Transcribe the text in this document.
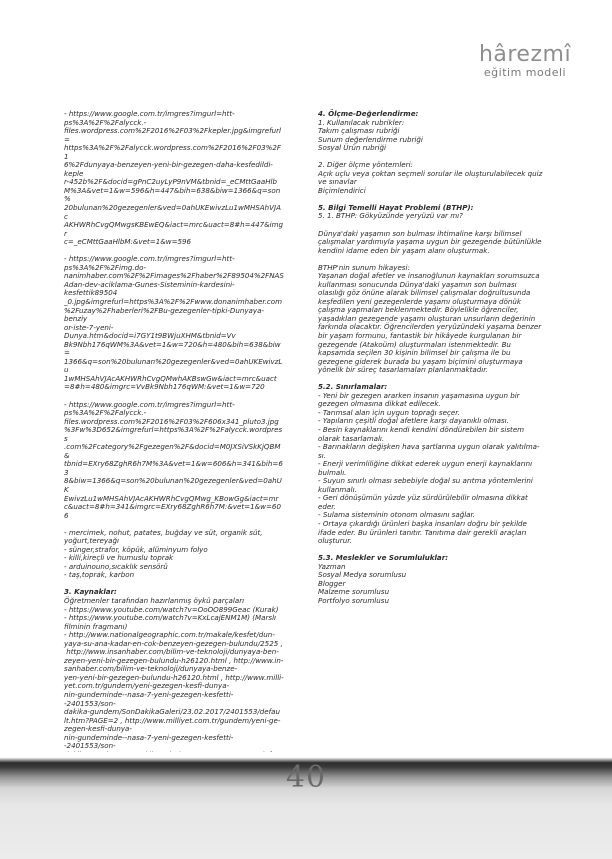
hârezmî
eğitim modeli
- https://www.google.com.tr/imgres?imgurl=htt-
ps%3A%2F%2Falycck.-
files.wordpress.com%2F2016%2F03%2Fkepler.jpg&imgrefurl=
https%3A%2F%2Falycck.wordpress.com%2F2016%2F03%2F1
6%2Fdunyaya-benzeyen-yeni-bir-gezegen-daha-kesfedildi-keple
r-452b%2F&docid=gPnC2uyLyP9nVM&tbnid=_eCMttGaaHlb
M%3A&vet=1&w=596&h=447&bih=638&biw=1366&q=son%
20bulunan%20gezegenler&ved=0ahUKEwivzLu1wMHSAhVJAc
AKHWRhCvgQMwgsKBEwEQ&iact=mrc&uact=8#h=447&imgr
c=_eCMttGaaHlbM:&vet=1&w=596
- https://www.google.com.tr/imgres?imgurl=htt-
ps%3A%2F%2Fimg.do-
nanimhaber.com%2F%2Fimages%2Fhaber%2F89504%2FNAS
Adan-dev-aciklama-Gunes-Sisteminin-kardesini-kesfettik89504
_0.jpg&imgrefurl=https%3A%2F%2Fwww.donanimhaber.com
%2Fuzay%2Fhaberleri%2FBu-gezegenler-tipki-Dunyaya-benziy
or-iste-7-yeni-Dunya.htm&docid=i7GY1t9BWjuXHM&tbnid=Vv
Bk9Nbh176qWM%3A&vet=1&w=720&h=480&bih=638&biw=
1366&q=son%20bulunan%20gezegenler&ved=0ahUKEwivzLu
1wMHSAhVJAcAKHWRhCvgQMwhAKBswGw&iact=mrc&uact
=8#h=480&imgrc=VvBk9Nbh176qWM:&vet=1&w=720
- https://www.google.com.tr/imgres?imgurl=htt-
ps%3A%2F%2Falycck.-
files.wordpress.com%2F2016%2F03%2F606x341_pluto3.jpg
%3Fw%3D652&imgrefurl=https%3A%2F%2Falycck.wordpress
.com%2Fcategory%2Fgezegen%2F&docid=M0JXSiVSkKjQBM&
tbnid=EXry68ZghR6h7M%3A&vet=1&w=606&h=341&bih=63
8&biw=1366&q=son%20bulunan%20gezegenler&ved=0ahUK
EwivzLu1wMHSAhVJAcAKHWRhCvgQMwg_KBowGg&iact=mr
c&uact=8#h=341&imgrc=EXry68ZghR6h7M:&vet=1&w=606
- mercimek, nohut, patates, buğday ve süt, organik süt,
yoğurt,tereyağı
- sünger,strafor, köpük, alüminyum folyo
- killi,kireçli ve humuslu toprak
- arduinouno,sıcaklık sensörü
- taş,toprak, karbon
3. Kaynaklar:
Öğretmenler tarafından hazırlanmış öykü parçaları
- https://www.youtube.com/watch?v=OoOO899Geac (Kurak)
- https://www.youtube.com/watch?v=KxLcajENM1M) (Marslı
filminin fragmanı)
- http://www.nationalgeographic.com.tr/makale/kesfet/dun-
yaya-su-ana-kadar-en-cok-benzeyen-gezegen-bulundu/2525 ,
http://www.insanhaber.com/bilim-ve-teknoloji/dunyaya-ben-
zeyen-yeni-bir-gezegen-bulundu-h26120.html , http://www.in-
sanhaber.com/bilim-ve-teknoloji/dunyaya-benze-
yen-yeni-bir-gezegen-bulundu-h26120.html , http://www.milli-
yet.com.tr/gundem/yeni-gezegen-kesfi-dunya-
nin-gundeminde--nasa-7-yeni-gezegen-kesfetti--2401553/son-
dakika-gundem/SonDakikaGaleri/23.02.2017/2401553/defau
lt.htm?PAGE=2 , http://www.milliyet.com.tr/gundem/yeni-ge-
zegen-kesfi-dunya-
nin-gundeminde--nasa-7-yeni-gezegen-kesfetti--2401553/son-
4. Ölçme-Değerlendirme:
1. Kullanılacak rubrikler:
Takım çalışması rubriği
Sunum değerlendirme rubriği
Sosyal Ürün rubriği
2. Diğer ölçme yöntemleri:
Açık uçlu veya çoktan seçmeli sorular ile oluşturulabilecek quiz
ve sınavlar
Biçimlendirici
5. Bilgi Temelli Hayat Problemi (BTHP):
5. 1. BTHP: Gökyüzünde yeryüzü var mı?
Dünya'daki yaşamın son bulması ihtimaline karşı bilimsel
çalışmalar yardımıyla yaşama uygun bir gezegende bütünlükle
kendini idame eden bir yaşam alanı oluşturmak.
BTHP'nin sunum hikayesi:
Yaşanan doğal afetler ve insanoğlunun kaynakları sorumsuzca
kullanması sonucunda Dünya'daki yaşamın son bulması
olasılığı göz önüne alarak bilimsel çalışmalar doğrultusunda
keşfedilen yeni gezegenlerde yaşamı oluşturmaya dönük
çalışma yapmaları beklenmektedir. Böylelikle öğrenciler,
yaşadıkları gezegende yaşamı oluşturan unsurların değerinin
farkında olacaktır. Öğrencilerden yeryüzündeki yaşama benzer
bir yaşam formunu, fantastik bir hikâyede kurgulanan bir
gezegende (Atakoüm) oluşturmaları istenmektedir. Bu
kapsamda seçilen 30 kişinin bilimsel bir çalışma ile bu
gezegene giderek burada bu yaşam biçimini oluşturmaya
yönelik bir süreç tasarlamaları planlanmaktadır.
5.2. Sınırlamalar:
- Yeni bir gezegen ararken insanın yaşamasına uygun bir
gezegen olmasına dikkat edilecek.
- Tarımsal alan için uygun toprağı seçer.
- Yapıların çeşitli doğal afetlere karşı dayanıklı olması.
- Besin kaynaklarını kendi kendini döndürebilen bir sistem
olarak tasarlamalı.
- Barınakların değişken hava şartlarına uygun olarak yalıtılma-
sı.
- Enerji verimliliğine dikkat ederek uygun enerji kaynaklarını
bulmalı.
- Suyun sınırlı olması sebebiyle doğal su arıtma yöntemlerini
kullanmalı.
- Geri dönüşümün yüzde yüz sürdürülebilir olmasına dikkat
eder.
- Sulama sisteminin otonom olmasını sağlar.
- Ortaya çıkardığı ürünleri başka insanları doğru bir şekilde
ifade eder. Bu ürünleri tanıtır. Tanıtıma dair gerekli araçları
oluşturur.
5.3. Meslekler ve Sorumluluklar:
Yazman
Sosyal Medya sorumlusu
Blogger
Malzeme sorumlusu
Portfolyo sorumlusu
40
